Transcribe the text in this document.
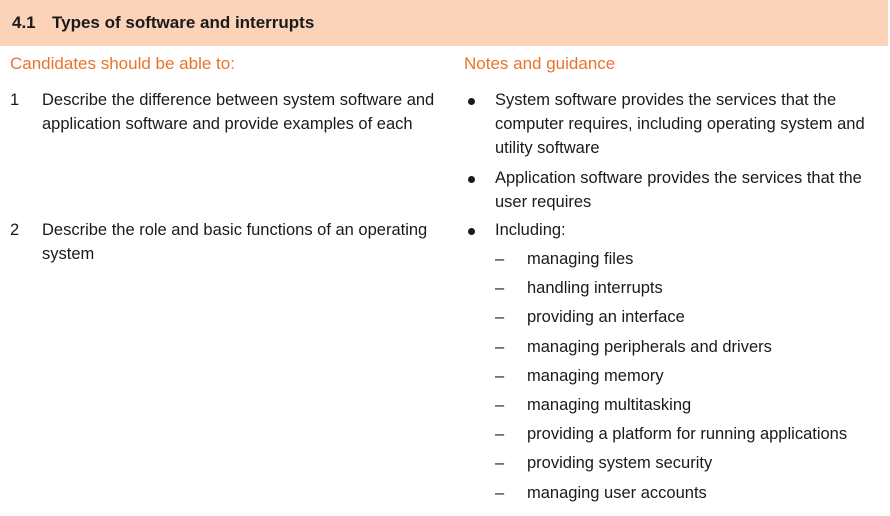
4.1 Types of software and interrupts
Candidates should be able to:	Notes and guidance
1 Describe the difference between system software and application software and provide examples of each
2 Describe the role and basic functions of an operating system
System software provides the services that the computer requires, including operating system and utility software
Application software provides the services that the user requires
Including:
– managing files
– handling interrupts
– providing an interface
– managing peripherals and drivers
– managing memory
– managing multitasking
– providing a platform for running applications
– providing system security
– managing user accounts
